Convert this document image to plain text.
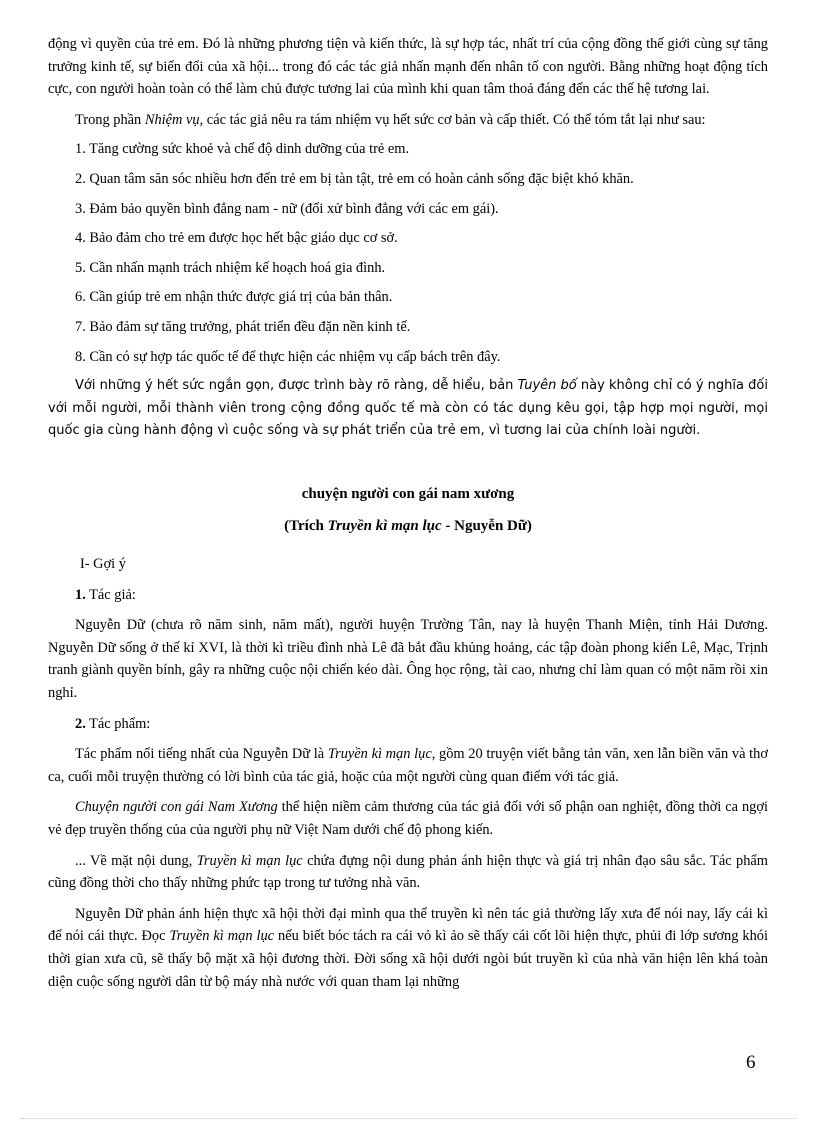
động vì quyền của trẻ em. Đó là những phương tiện và kiến thức, là sự hợp tác, nhất trí của cộng đồng thế giới cùng sự tăng trưởng kinh tế, sự biến đổi của xã hội... trong đó các tác giả nhấn mạnh đến nhân tố con người. Bằng những hoạt động tích cực, con người hoàn toàn có thể làm chủ được tương lai của mình khi quan tâm thoả đáng đến các thế hệ tương lai.

Trong phần Nhiệm vụ, các tác giả nêu ra tám nhiệm vụ hết sức cơ bản và cấp thiết. Có thể tóm tắt lại như sau:

1. Tăng cường sức khoẻ và chế độ dinh dưỡng của trẻ em.

2. Quan tâm săn sóc nhiều hơn đến trẻ em bị tàn tật, trẻ em có hoàn cảnh sống đặc biệt khó khăn.

3. Đảm bảo quyền bình đẳng nam - nữ (đối xử bình đẳng với các em gái).

4. Bảo đảm cho trẻ em được học hết bậc giáo dục cơ sở.

5. Cần nhấn mạnh trách nhiệm kế hoạch hoá gia đình.

6. Cần giúp trẻ em nhận thức được giá trị của bản thân.

7. Bảo đảm sự tăng trưởng, phát triển đều đặn nền kinh tế.

8. Cần có sự hợp tác quốc tế để thực hiện các nhiệm vụ cấp bách trên đây.

Với những ý hết sức ngắn gọn, được trình bày rõ ràng, dễ hiểu, bản Tuyên bố này không chỉ có ý nghĩa đối với mỗi người, mỗi thành viên trong cộng đồng quốc tế mà còn có tác dụng kêu gọi, tập hợp mọi người, mọi quốc gia cùng hành động vì cuộc sống và sự phát triển của trẻ em, vì tương lai của chính loài người.

chuyện người con gái nam xương

(Trích Truyền kì mạn lục - Nguyễn Dữ)

I- Gợi ý

1. Tác giả:

Nguyễn Dữ (chưa rõ năm sinh, năm mất), người huyện Trường Tân, nay là huyện Thanh Miện, tỉnh Hải Dương. Nguyễn Dữ sống ở thế kỉ XVI, là thời kì triều đình nhà Lê đã bắt đầu khủng hoảng, các tập đoàn phong kiến Lê, Mạc, Trịnh tranh giành quyền bính, gây ra những cuộc nội chiến kéo dài. Ông học rộng, tài cao, nhưng chỉ làm quan có một năm rồi xin nghỉ.

2. Tác phẩm:

Tác phẩm nổi tiếng nhất của Nguyễn Dữ là Truyền kì mạn lục, gồm 20 truyện viết bằng tản văn, xen lẫn biền văn và thơ ca, cuối mỗi truyện thường có lời bình của tác giả, hoặc của một người cùng quan điểm với tác giả.

Chuyện người con gái Nam Xương thể hiện niềm cảm thương của tác giả đối với số phận oan nghiệt, đồng thời ca ngợi vẻ đẹp truyền thống của của người phụ nữ Việt Nam dưới chế độ phong kiến.

... Về mặt nội dung, Truyền kì mạn lục chứa đựng nội dung phản ánh hiện thực và giá trị nhân đạo sâu sắc. Tác phẩm cũng đồng thời cho thấy những phức tạp trong tư tưởng nhà văn.

Nguyễn Dữ phản ánh hiện thực xã hội thời đại mình qua thể truyền kì nên tác giả thường lấy xưa để nói nay, lấy cái kì để nói cái thực. Đọc Truyền kì mạn lục nếu biết bóc tách ra cái vỏ kì ảo sẽ thấy cái cốt lõi hiện thực, phủi đi lớp sương khói thời gian xưa cũ, sẽ thấy bộ mặt xã hội đương thời. Đời sống xã hội dưới ngòi bút truyền kì của nhà văn hiện lên khá toàn diện cuộc sống người dân từ bộ máy nhà nước với quan tham lại những

6
